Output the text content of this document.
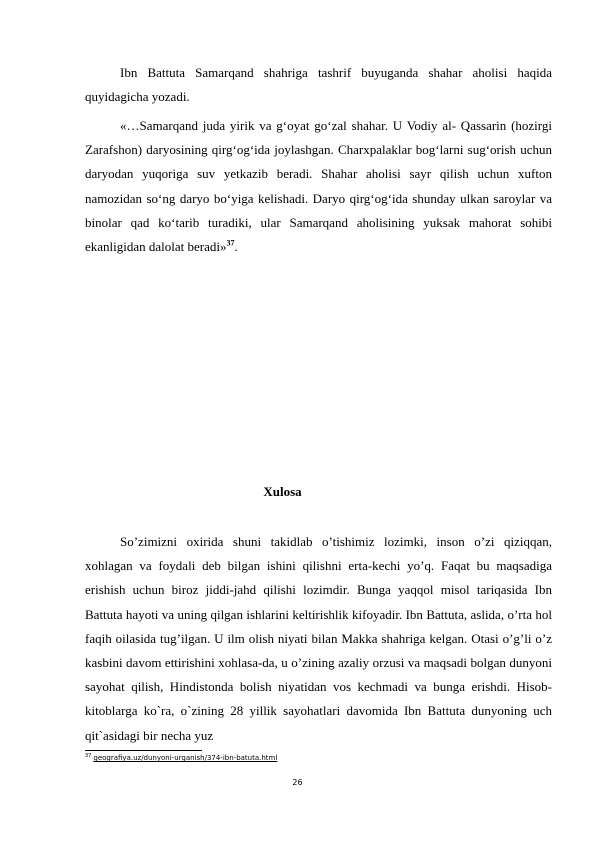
Ibn Battuta Samarqand shahriga tashrif buyuganda shahar aholisi haqida quyidagicha yozadi.

«…Samarqand juda yirik va g‘oyat go‘zal shahar. U Vodiy al- Qassarin (hozirgi Zarafshon) daryosining qirg‘og‘ida joylashgan. Charxpalaklar bog‘larni sug‘orish uchun daryodan yuqoriga suv yetkazib beradi. Shahar aholisi sayr qilish uchun xufton namozidan so‘ng daryo bo‘yiga kelishadi. Daryo qirg‘og‘ida shunday ulkan saroylar va binolar qad ko‘tarib turadiki, ular Samarqand aholisining yuksak mahorat sohibi ekanligidan dalolat beradi»$^{37}$.

Xulosa

So’zimizni oxirida shuni takidlab o’tishimiz lozimki, inson o’zi qiziqqan, xohlagan va foydali deb bilgan ishini qilishni erta-kechi yo’q. Faqat bu maqsadiga erishish uchun biroz jiddi-jahd qilishi lozimdir. Bunga yaqqol misol tariqasida Ibn Battuta hayoti va uning qilgan ishlarini keltirishlik kifoyadir. Ibn Battuta, aslida, o’rta hol faqih oilasida tug’ilgan. U ilm olish niyati bilan Makka shahriga kelgan. Otasi o’g’li o’z kasbini davom ettirishini xohlasa-da, u o’zining azaliy orzusi va maqsadi bolgan dunyoni sayohat qilish, Hindistonda bolish niyatidan vos kechmadi va bunga erishdi. Hisob-kitoblarga ko`ra, o`zining 28 yillik sayohatlari davomida Ibn Battuta dunyoning uch qit`asidagi bir necha yuz

$^{37}$ geografiya.uz/dunyoni-urganish/374-ibn-batuta.html
26
